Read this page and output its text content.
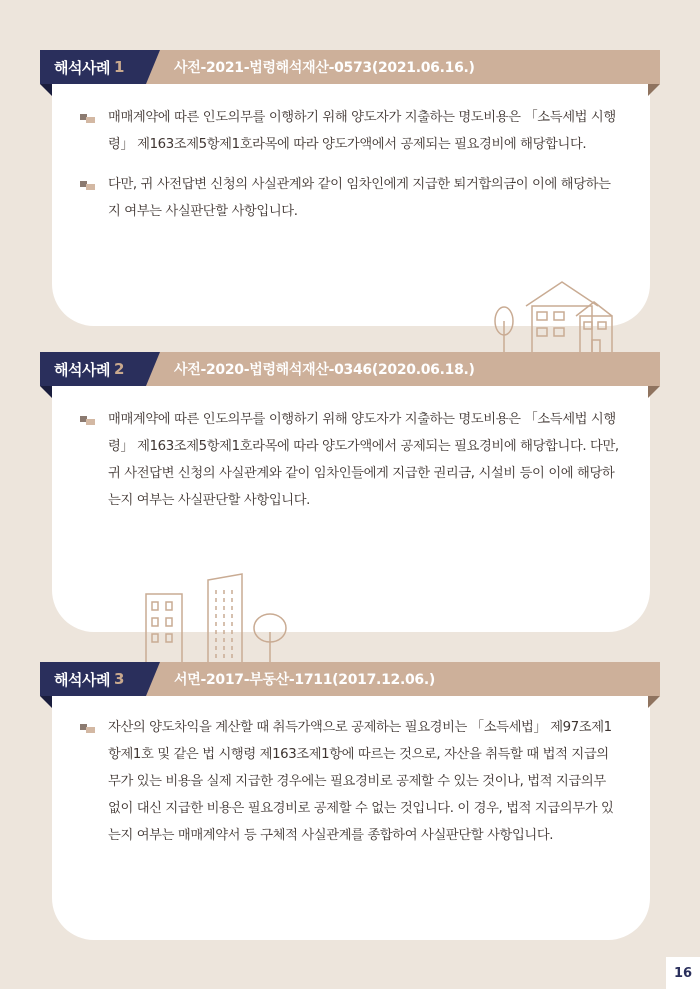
해석사례 1	사전-2021-법령해석재산-0573(2021.06.16.)
매매계약에 따른 인도의무를 이행하기 위해 양도자가 지출하는 명도비용은 「소득세법 시행령」 제163조제5항제1호라목에 따라 양도가액에서 공제되는 필요경비에 해당합니다.
다만, 귀 사전답변 신청의 사실관계와 같이 임차인에게 지급한 퇴거합의금이 이에 해당하는지 여부는 사실판단할 사항입니다.
해석사례 2	사전-2020-법령해석재산-0346(2020.06.18.)
매매계약에 따른 인도의무를 이행하기 위해 양도자가 지출하는 명도비용은 「소득세법 시행령」 제163조제5항제1호라목에 따라 양도가액에서 공제되는 필요경비에 해당합니다. 다만, 귀 사전답변 신청의 사실관계와 같이 임차인들에게 지급한 권리금, 시설비 등이 이에 해당하는지 여부는 사실판단할 사항입니다.
해석사례 3	서면-2017-부동산-1711(2017.12.06.)
자산의 양도차익을 계산할 때 취득가액으로 공제하는 필요경비는 「소득세법」 제97조제1항제1호 및 같은 법 시행령 제163조제1항에 따르는 것으로, 자산을 취득할 때 법적 지급의무가 있는 비용을 실제 지급한 경우에는 필요경비로 공제할 수 있는 것이나, 법적 지급의무 없이 대신 지급한 비용은 필요경비로 공제할 수 없는 것입니다. 이 경우, 법적 지급의무가 있는지 여부는 매매계약서 등 구체적 사실관계를 종합하여 사실판단할 사항입니다.
16
